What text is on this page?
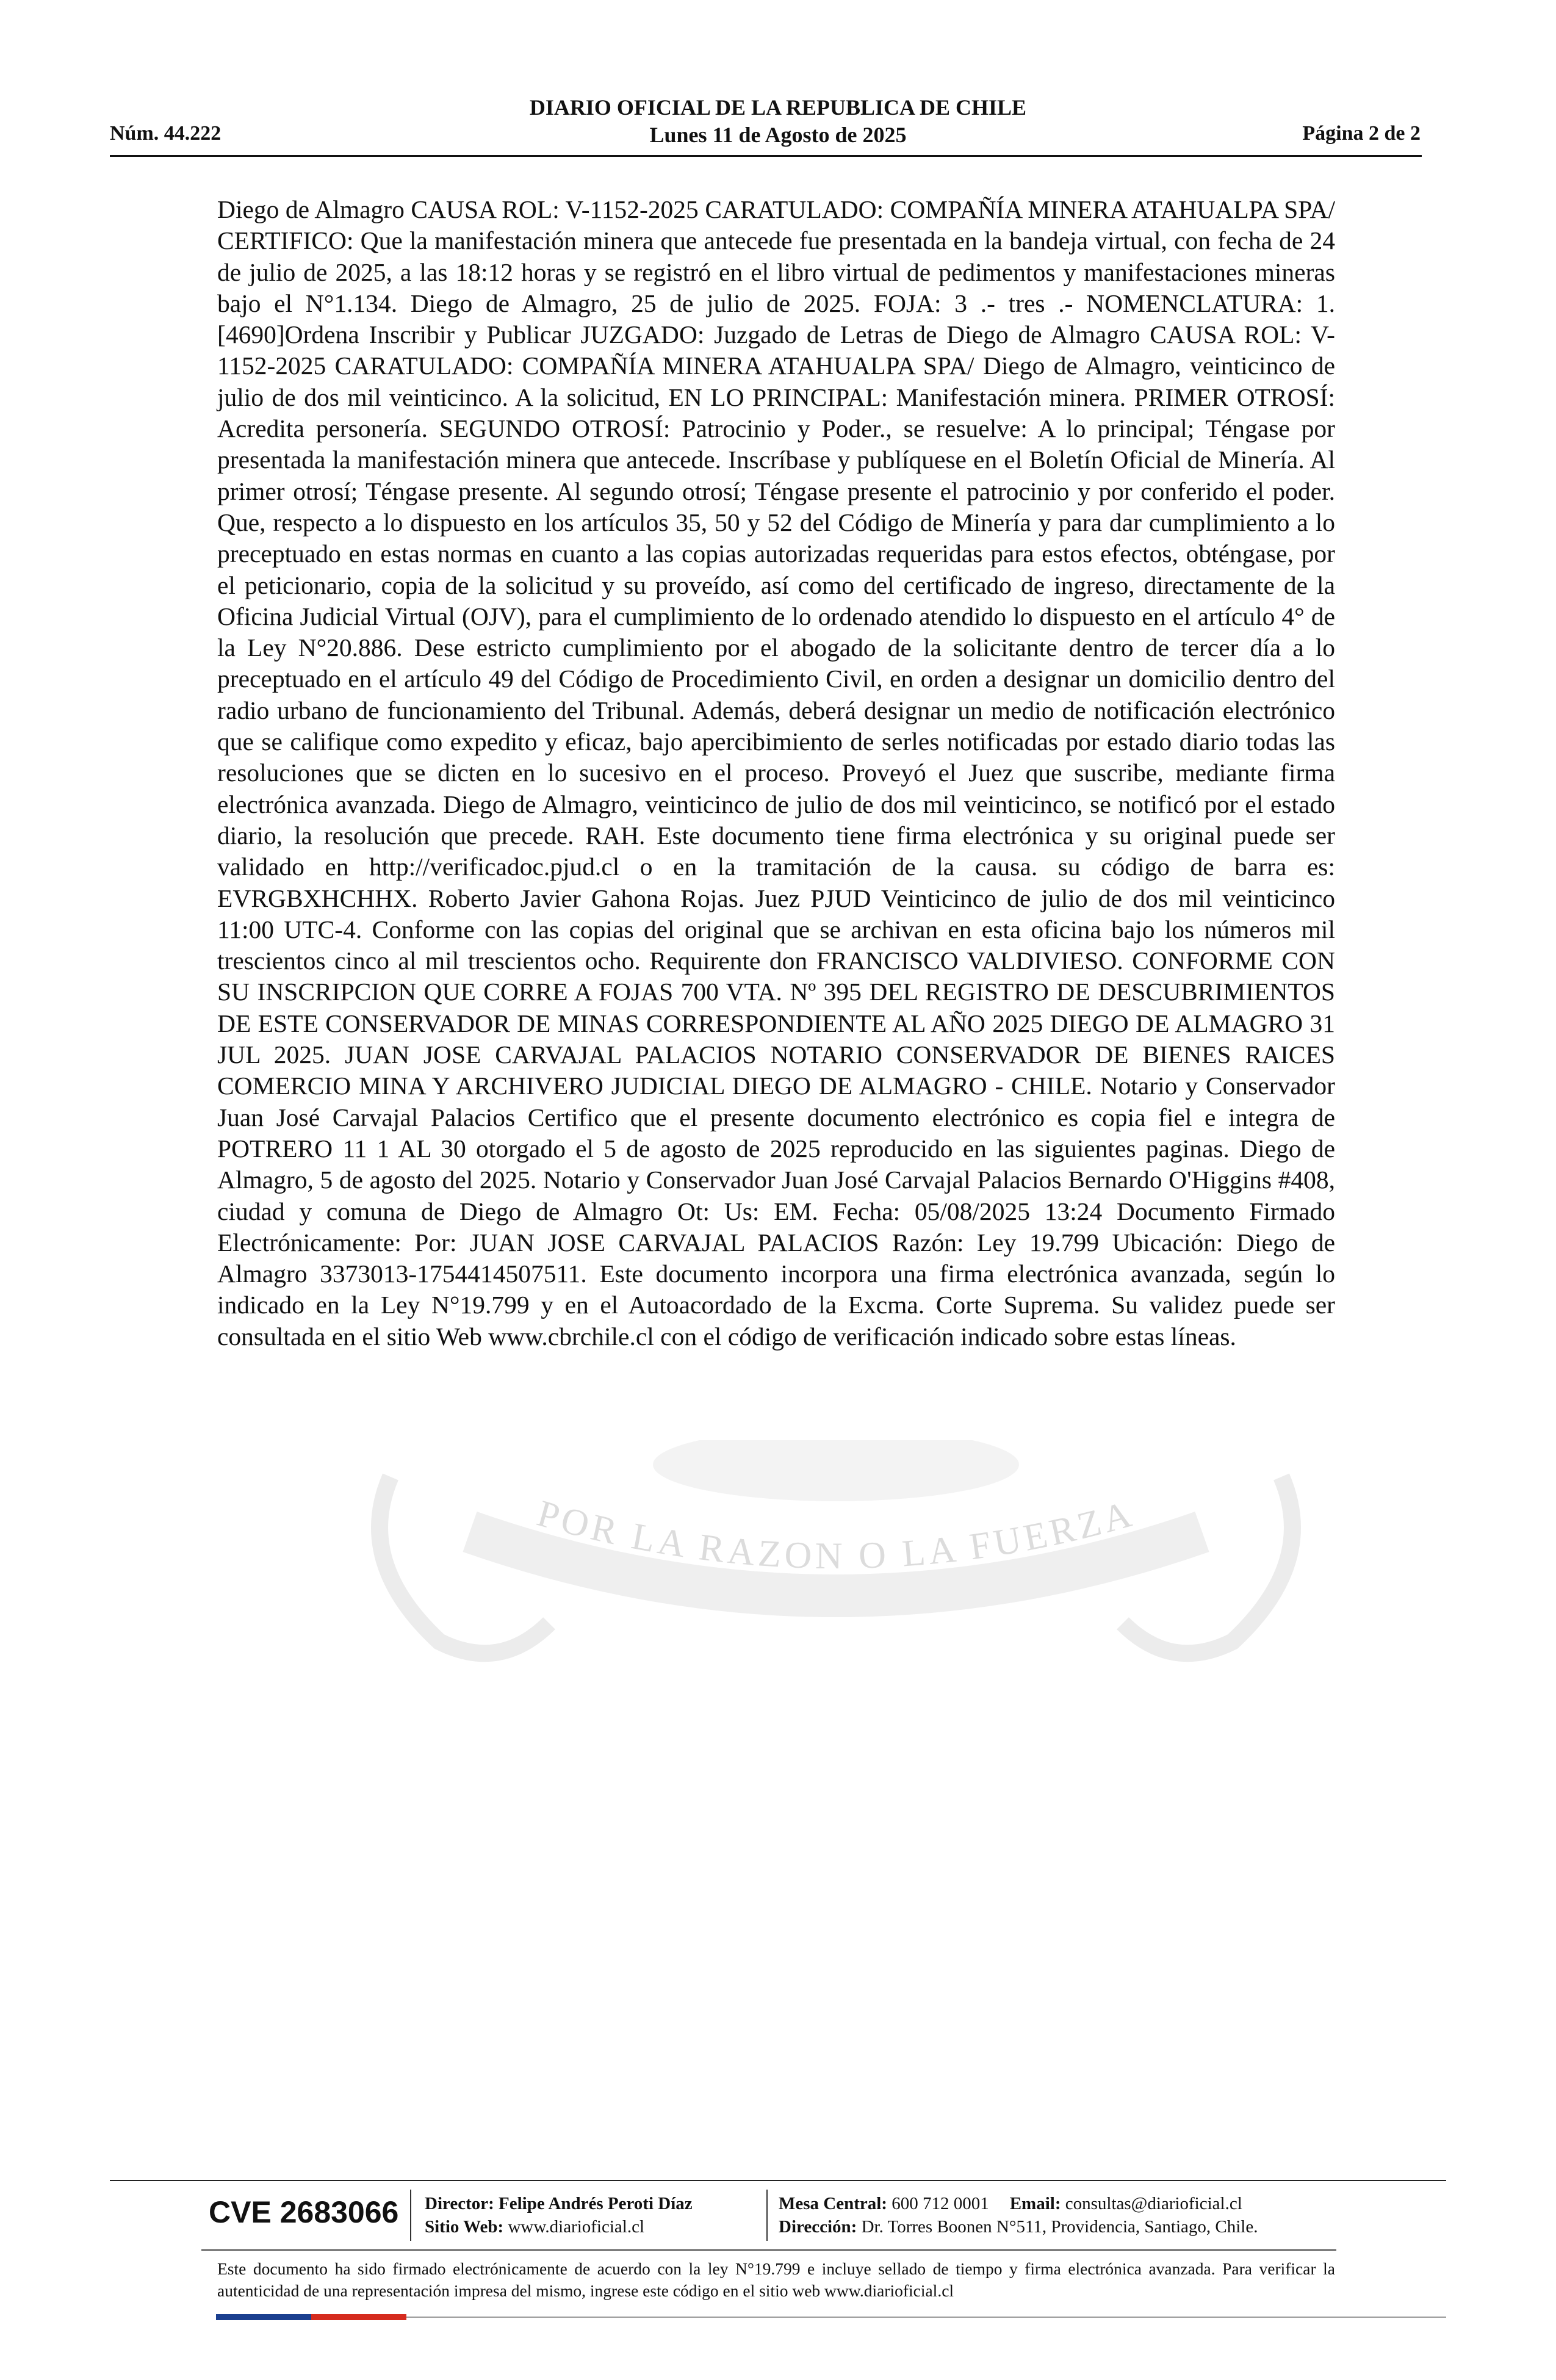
DIARIO OFICIAL DE LA REPUBLICA DE CHILE
Núm. 44.222	Lunes 11 de Agosto de 2025	Página 2 de 2
POR LA RAZON O LA FUERZA
Diego de Almagro CAUSA ROL: V-1152-2025 CARATULADO: COMPAÑÍA MINERA ATAHUALPA SPA/ CERTIFICO: Que la manifestación minera que antecede fue presentada en la bandeja virtual, con fecha de 24 de julio de 2025, a las 18:12 horas y se registró en el libro virtual de pedimentos y manifestaciones mineras bajo el N°1.134. Diego de Almagro, 25 de julio de 2025. FOJA: 3 .- tres .- NOMENCLATURA: 1. [4690]Ordena Inscribir y Publicar JUZGADO: Juzgado de Letras de Diego de Almagro CAUSA ROL: V-1152-2025 CARATULADO: COMPAÑÍA MINERA ATAHUALPA SPA/ Diego de Almagro, veinticinco de julio de dos mil veinticinco. A la solicitud, EN LO PRINCIPAL: Manifestación minera. PRIMER OTROSÍ: Acredita personería. SEGUNDO OTROSÍ: Patrocinio y Poder., se resuelve: A lo principal; Téngase por presentada la manifestación minera que antecede. Inscríbase y publíquese en el Boletín Oficial de Minería. Al primer otrosí; Téngase presente. Al segundo otrosí; Téngase presente el patrocinio y por conferido el poder. Que, respecto a lo dispuesto en los artículos 35, 50 y 52 del Código de Minería y para dar cumplimiento a lo preceptuado en estas normas en cuanto a las copias autorizadas requeridas para estos efectos, obténgase, por el peticionario, copia de la solicitud y su proveído, así como del certificado de ingreso, directamente de la Oficina Judicial Virtual (OJV), para el cumplimiento de lo ordenado atendido lo dispuesto en el artículo 4° de la Ley N°20.886. Dese estricto cumplimiento por el abogado de la solicitante dentro de tercer día a lo preceptuado en el artículo 49 del Código de Procedimiento Civil, en orden a designar un domicilio dentro del radio urbano de funcionamiento del Tribunal. Además, deberá designar un medio de notificación electrónico que se califique como expedito y eficaz, bajo apercibimiento de serles notificadas por estado diario todas las resoluciones que se dicten en lo sucesivo en el proceso. Proveyó el Juez que suscribe, mediante firma electrónica avanzada. Diego de Almagro, veinticinco de julio de dos mil veinticinco, se notificó por el estado diario, la resolución que precede. RAH. Este documento tiene firma electrónica y su original puede ser validado en http://verificadoc.pjud.cl o en la tramitación de la causa. su código de barra es: EVRGBXHCHHX. Roberto Javier Gahona Rojas. Juez PJUD Veinticinco de julio de dos mil veinticinco 11:00 UTC-4. Conforme con las copias del original que se archivan en esta oficina bajo los números mil trescientos cinco al mil trescientos ocho. Requirente don FRANCISCO VALDIVIESO. CONFORME CON SU INSCRIPCION QUE CORRE A FOJAS 700 VTA. Nº 395 DEL REGISTRO DE DESCUBRIMIENTOS DE ESTE CONSERVADOR DE MINAS CORRESPONDIENTE AL AÑO 2025 DIEGO DE ALMAGRO 31 JUL 2025. JUAN JOSE CARVAJAL PALACIOS NOTARIO CONSERVADOR DE BIENES RAICES COMERCIO MINA Y ARCHIVERO JUDICIAL DIEGO DE ALMAGRO - CHILE. Notario y Conservador Juan José Carvajal Palacios Certifico que el presente documento electrónico es copia fiel e integra de POTRERO 11 1 AL 30 otorgado el 5 de agosto de 2025 reproducido en las siguientes paginas. Diego de Almagro, 5 de agosto del 2025. Notario y Conservador Juan José Carvajal Palacios Bernardo O'Higgins #408, ciudad y comuna de Diego de Almagro Ot: Us: EM. Fecha: 05/08/2025 13:24 Documento Firmado Electrónicamente: Por: JUAN JOSE CARVAJAL PALACIOS Razón: Ley 19.799 Ubicación: Diego de Almagro 3373013-1754414507511. Este documento incorpora una firma electrónica avanzada, según lo indicado en la Ley N°19.799 y en el Autoacordado de la Excma. Corte Suprema. Su validez puede ser consultada en el sitio Web www.cbrchile.cl con el código de verificación indicado sobre estas líneas.
CVE 2683066 Director: Felipe Andrés Peroti Díaz
Sitio Web: www.diarioficial.cl
Mesa Central: 600 712 0001 Email: consultas@diarioficial.cl
Dirección: Dr. Torres Boonen N°511, Providencia, Santiago, Chile.
Este documento ha sido firmado electrónicamente de acuerdo con la ley N°19.799 e incluye sellado de tiempo y firma electrónica avanzada. Para verificar la autenticidad de una representación impresa del mismo, ingrese este código en el sitio web www.diarioficial.cl
